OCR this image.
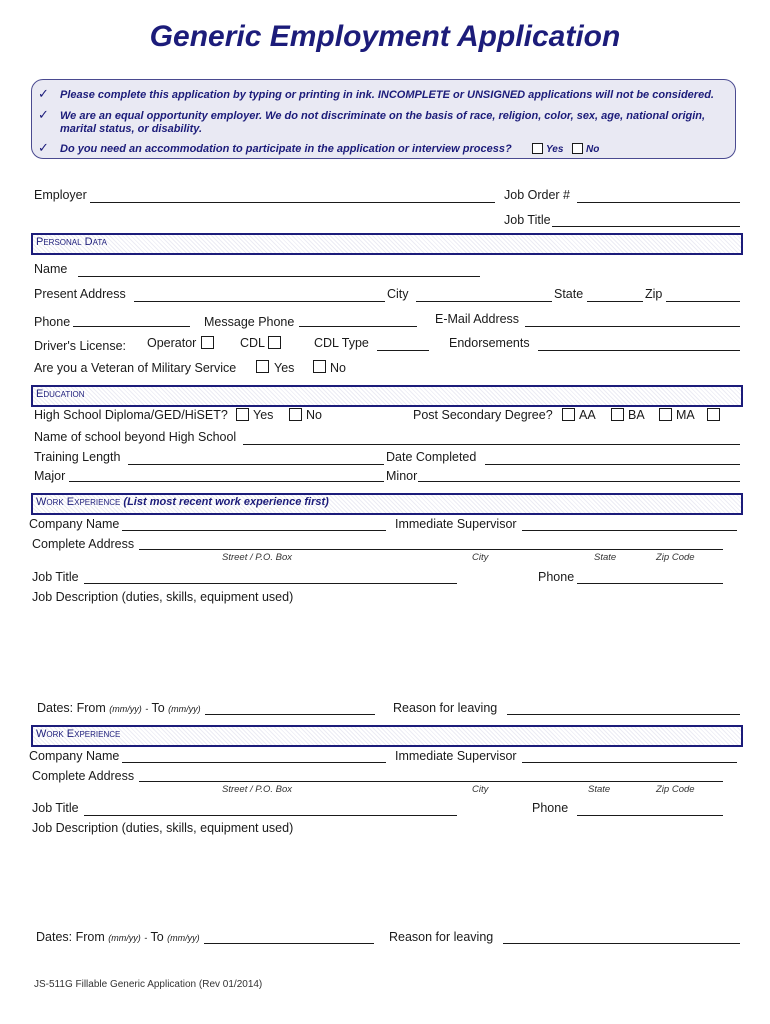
Generic Employment Application
✓ Please complete this application by typing or printing in ink. INCOMPLETE or UNSIGNED applications will not be considered.
✓ We are an equal opportunity employer. We do not discriminate on the basis of race, religion, color, sex, age, national origin,
marital status, or disability.
✓ Do you need an accommodation to participate in the application or interview process?	Yes No
Employer	Job Order #
Job Title
Personal Data
Name
Present Address	City	State	Zip
Phone	Message Phone	E-Mail Address
Driver's License: Operator	CDL	CDL Type	Endorsements
Are you a Veteran of Military Service	Yes	No
Education
High School Diploma/GED/HiSET? Yes	No	Post Secondary Degree? AA	BA	MA
Name of school beyond High School
Training Length	Date Completed
Major	Minor
Work Experience (List most recent work experience first)
Company Name	Immediate Supervisor
Complete Address
Street / P.O. Box	City	State	Zip Code
Job Title	Phone
Job Description (duties, skills, equipment used)
Dates: From (mm/yy) - To (mm/yy)	Reason for leaving
Work Experience
Company Name	Immediate Supervisor
Complete Address
Street / P.O. Box	City	State	Zip Code
Job Title	Phone
Job Description (duties, skills, equipment used)
Dates: From (mm/yy) - To (mm/yy)	Reason for leaving
JS-511G Fillable Generic Application (Rev 01/2014)
